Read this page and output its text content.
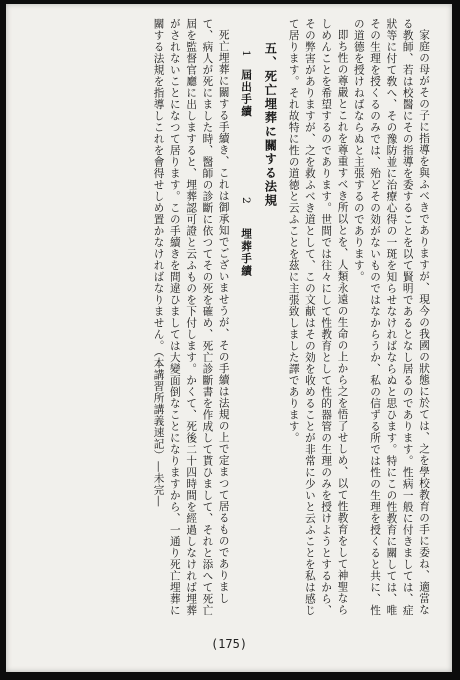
家庭の母がその子に指導を與ふべきでありますが、現今の我國の狀態に於ては、之を學校教育の手に委ね、適當なる教師、若は校醫にその指導を委することを以て賢明であるとなし居るのであります。性病一般に付きましては、症狀等に付て敎へ、その豫防並に治療心得の一斑を知らせなければならぬと思ひます。特にこの性教育に關しては、唯その生理を授くるのみでは、殆どその効がないものではなからうか、私の信ずる所では性の生理を授くると共に、性の道德を授けねばならぬと主張するのであります。

即ち性の尊嚴とこれを尊重すべき所以とを、人類永遠の生命の上から之を悟了せしめ、以て性教育をして神聖ならしめんことを希望するのであります。世間では往々にして性教育として性的器管の生理のみを授けようとするから、その弊害がありますが、之を救ふべき道として、この文献はその効を收めることが非常に少いと云ふことを私は感じて居ります。それ故特に性の道徳と云ふことを茲に主張致しました譯であります。

五、死亡埋葬に關する法規
1屆出手續2　埋葬手續

死亡埋葬に關する手續き、これは御承知でございませうが、その手續は法規の上で定まつて居るものでありまして、病人が死にました時、醫師の診斷に依つてその死を確め、死亡診斷書を作成して貰ひまして、それと添へて死亡屆を監督官廳に出しますると、埋葬認可證と云ふものを下付します。かくて、死後二十四時間を經過しなければ埋葬がされないことになつて居ります。この手續きを間違ひましては大變面倒なことになりますから、一通り死亡埋葬に關する法規を指導しこれを會得せしめ置かなければなりません。（本講習所講義速記）―未完―

(175)
